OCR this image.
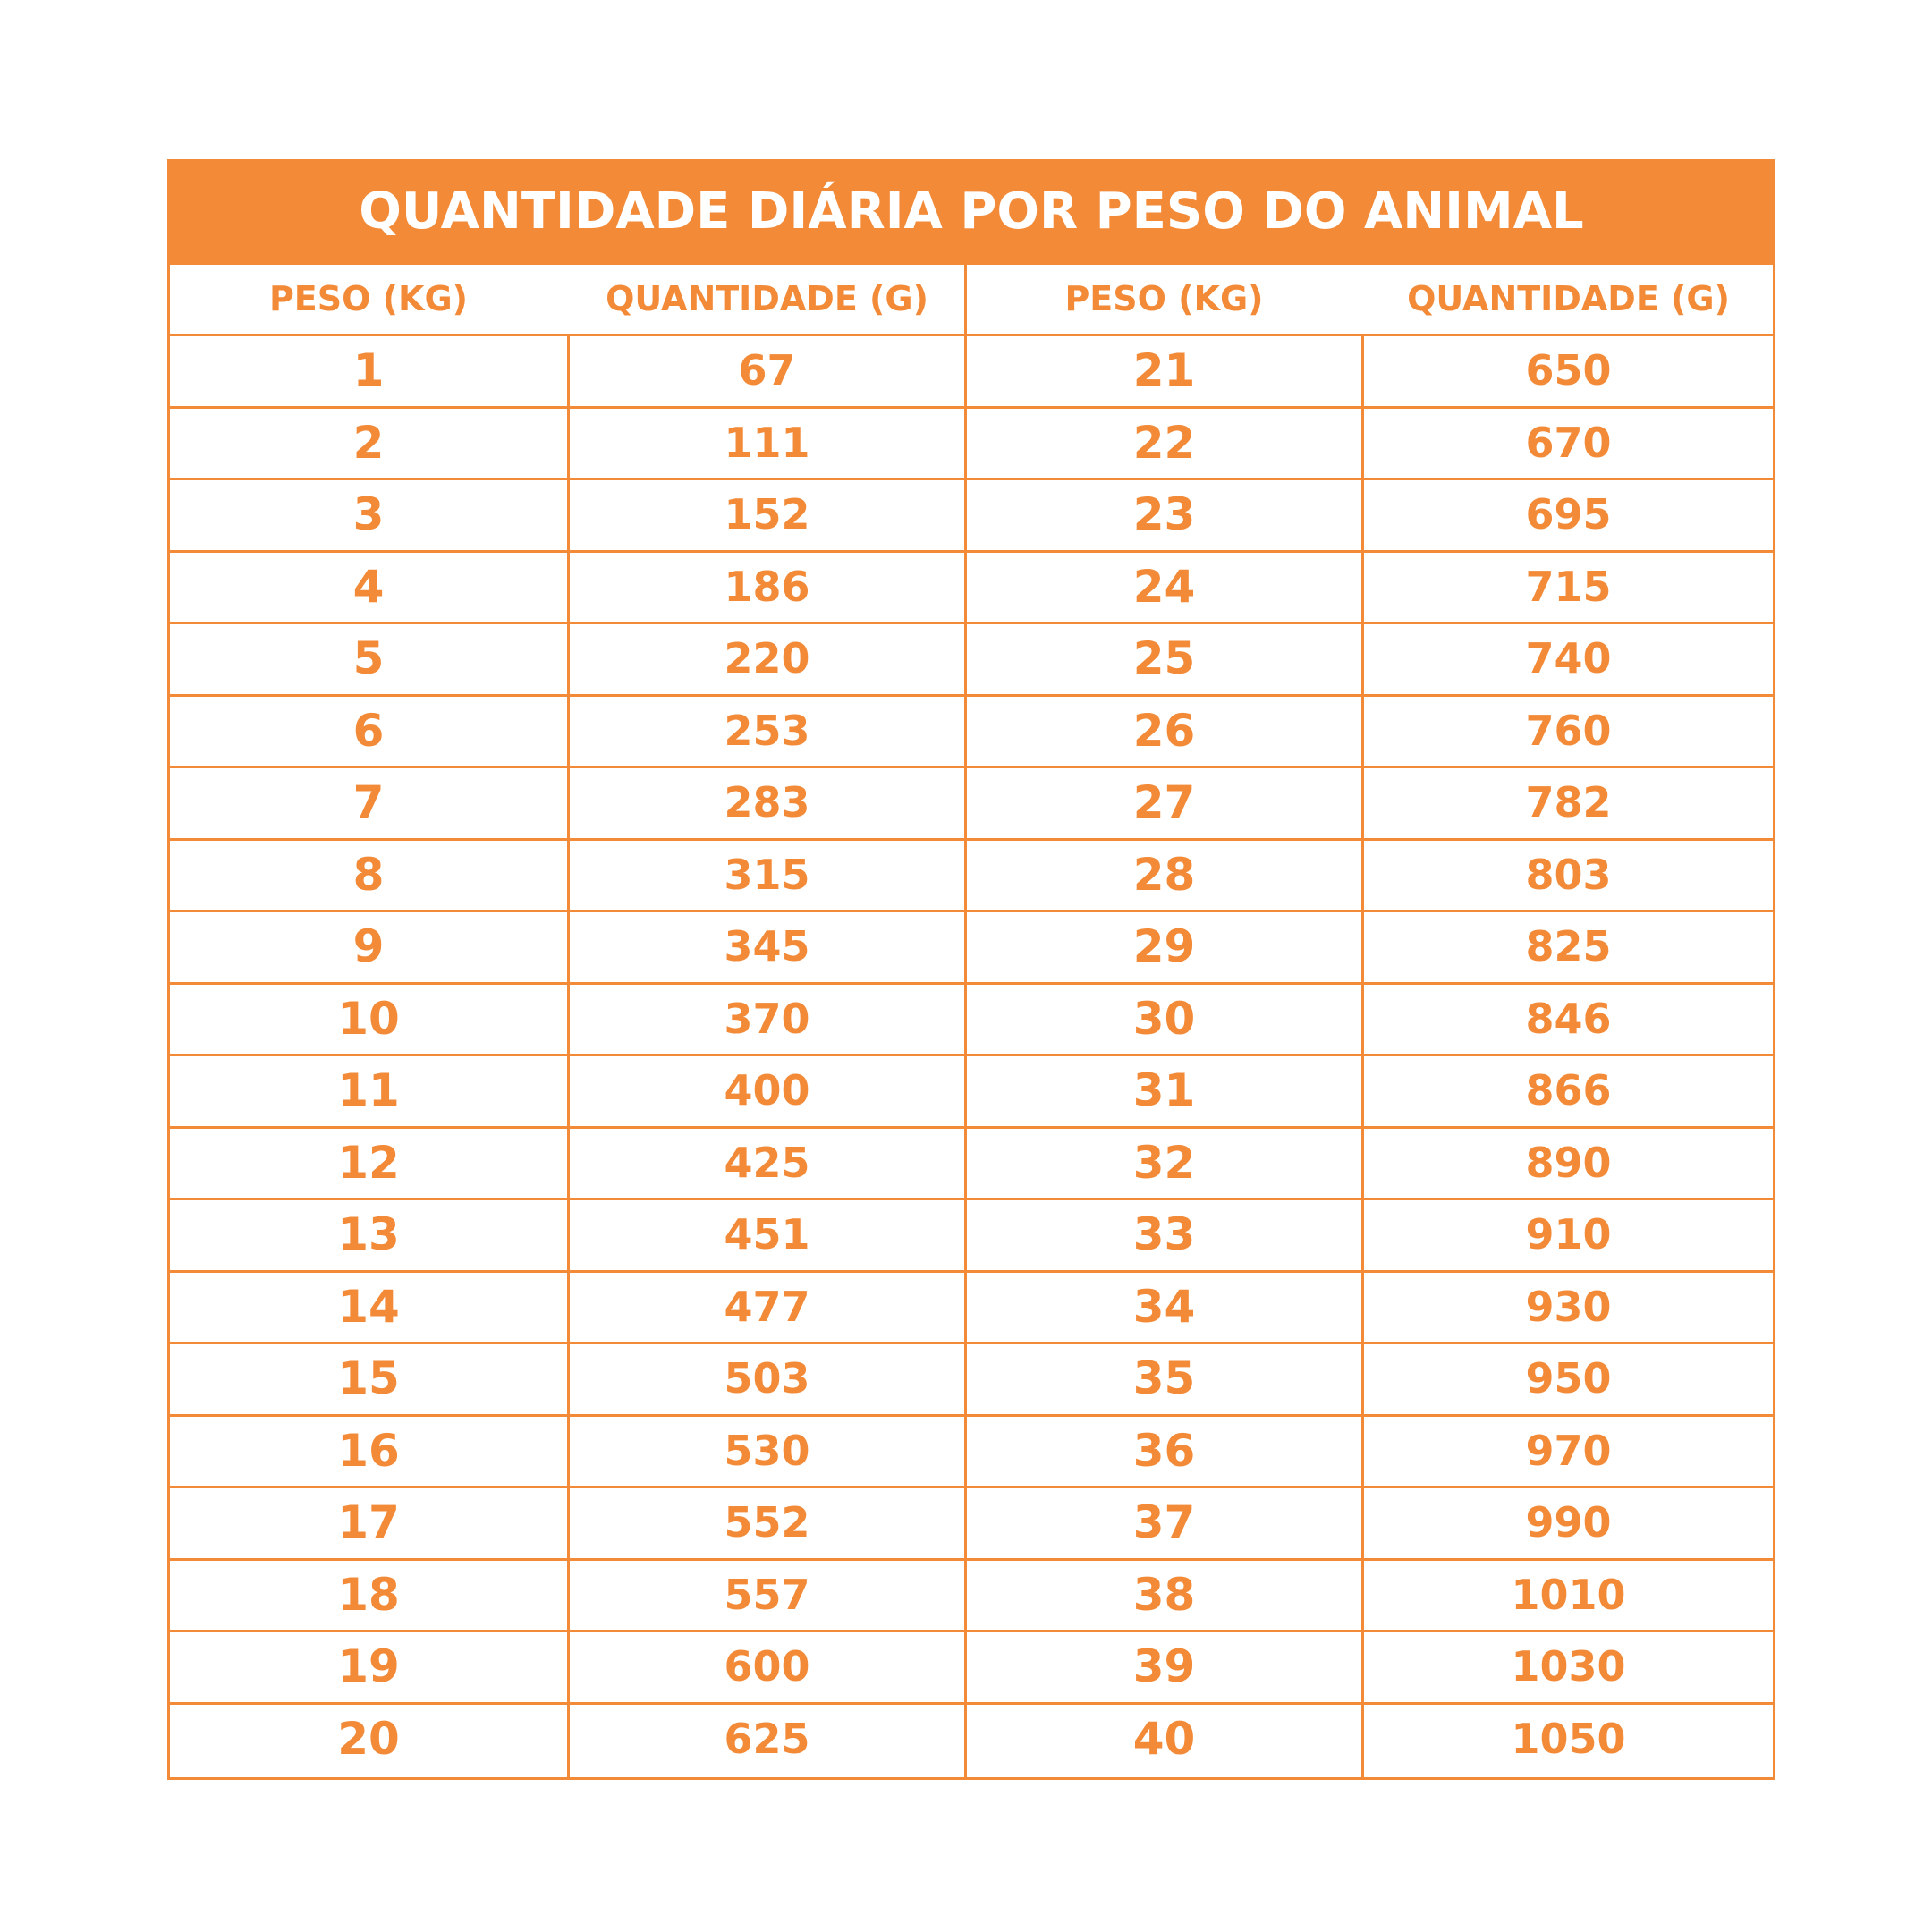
QUANTIDADE DIÁRIA POR PESO DO ANIMAL
PESO (KG)	QUANTIDADE (G)	PESO (KG)	QUANTIDADE (G)
1	67	21	650
2	111	22	670
3	152	23	695
4	186	24	715
5	220	25	740
6	253	26	760
7	283	27	782
8	315	28	803
9	345	29	825
10	370	30	846
11	400	31	866
12	425	32	890
13	451	33	910
14	477	34	930
15	503	35	950
16	530	36	970
17	552	37	990
18	557	38	1010
19	600	39	1030
20	625	40	1050
